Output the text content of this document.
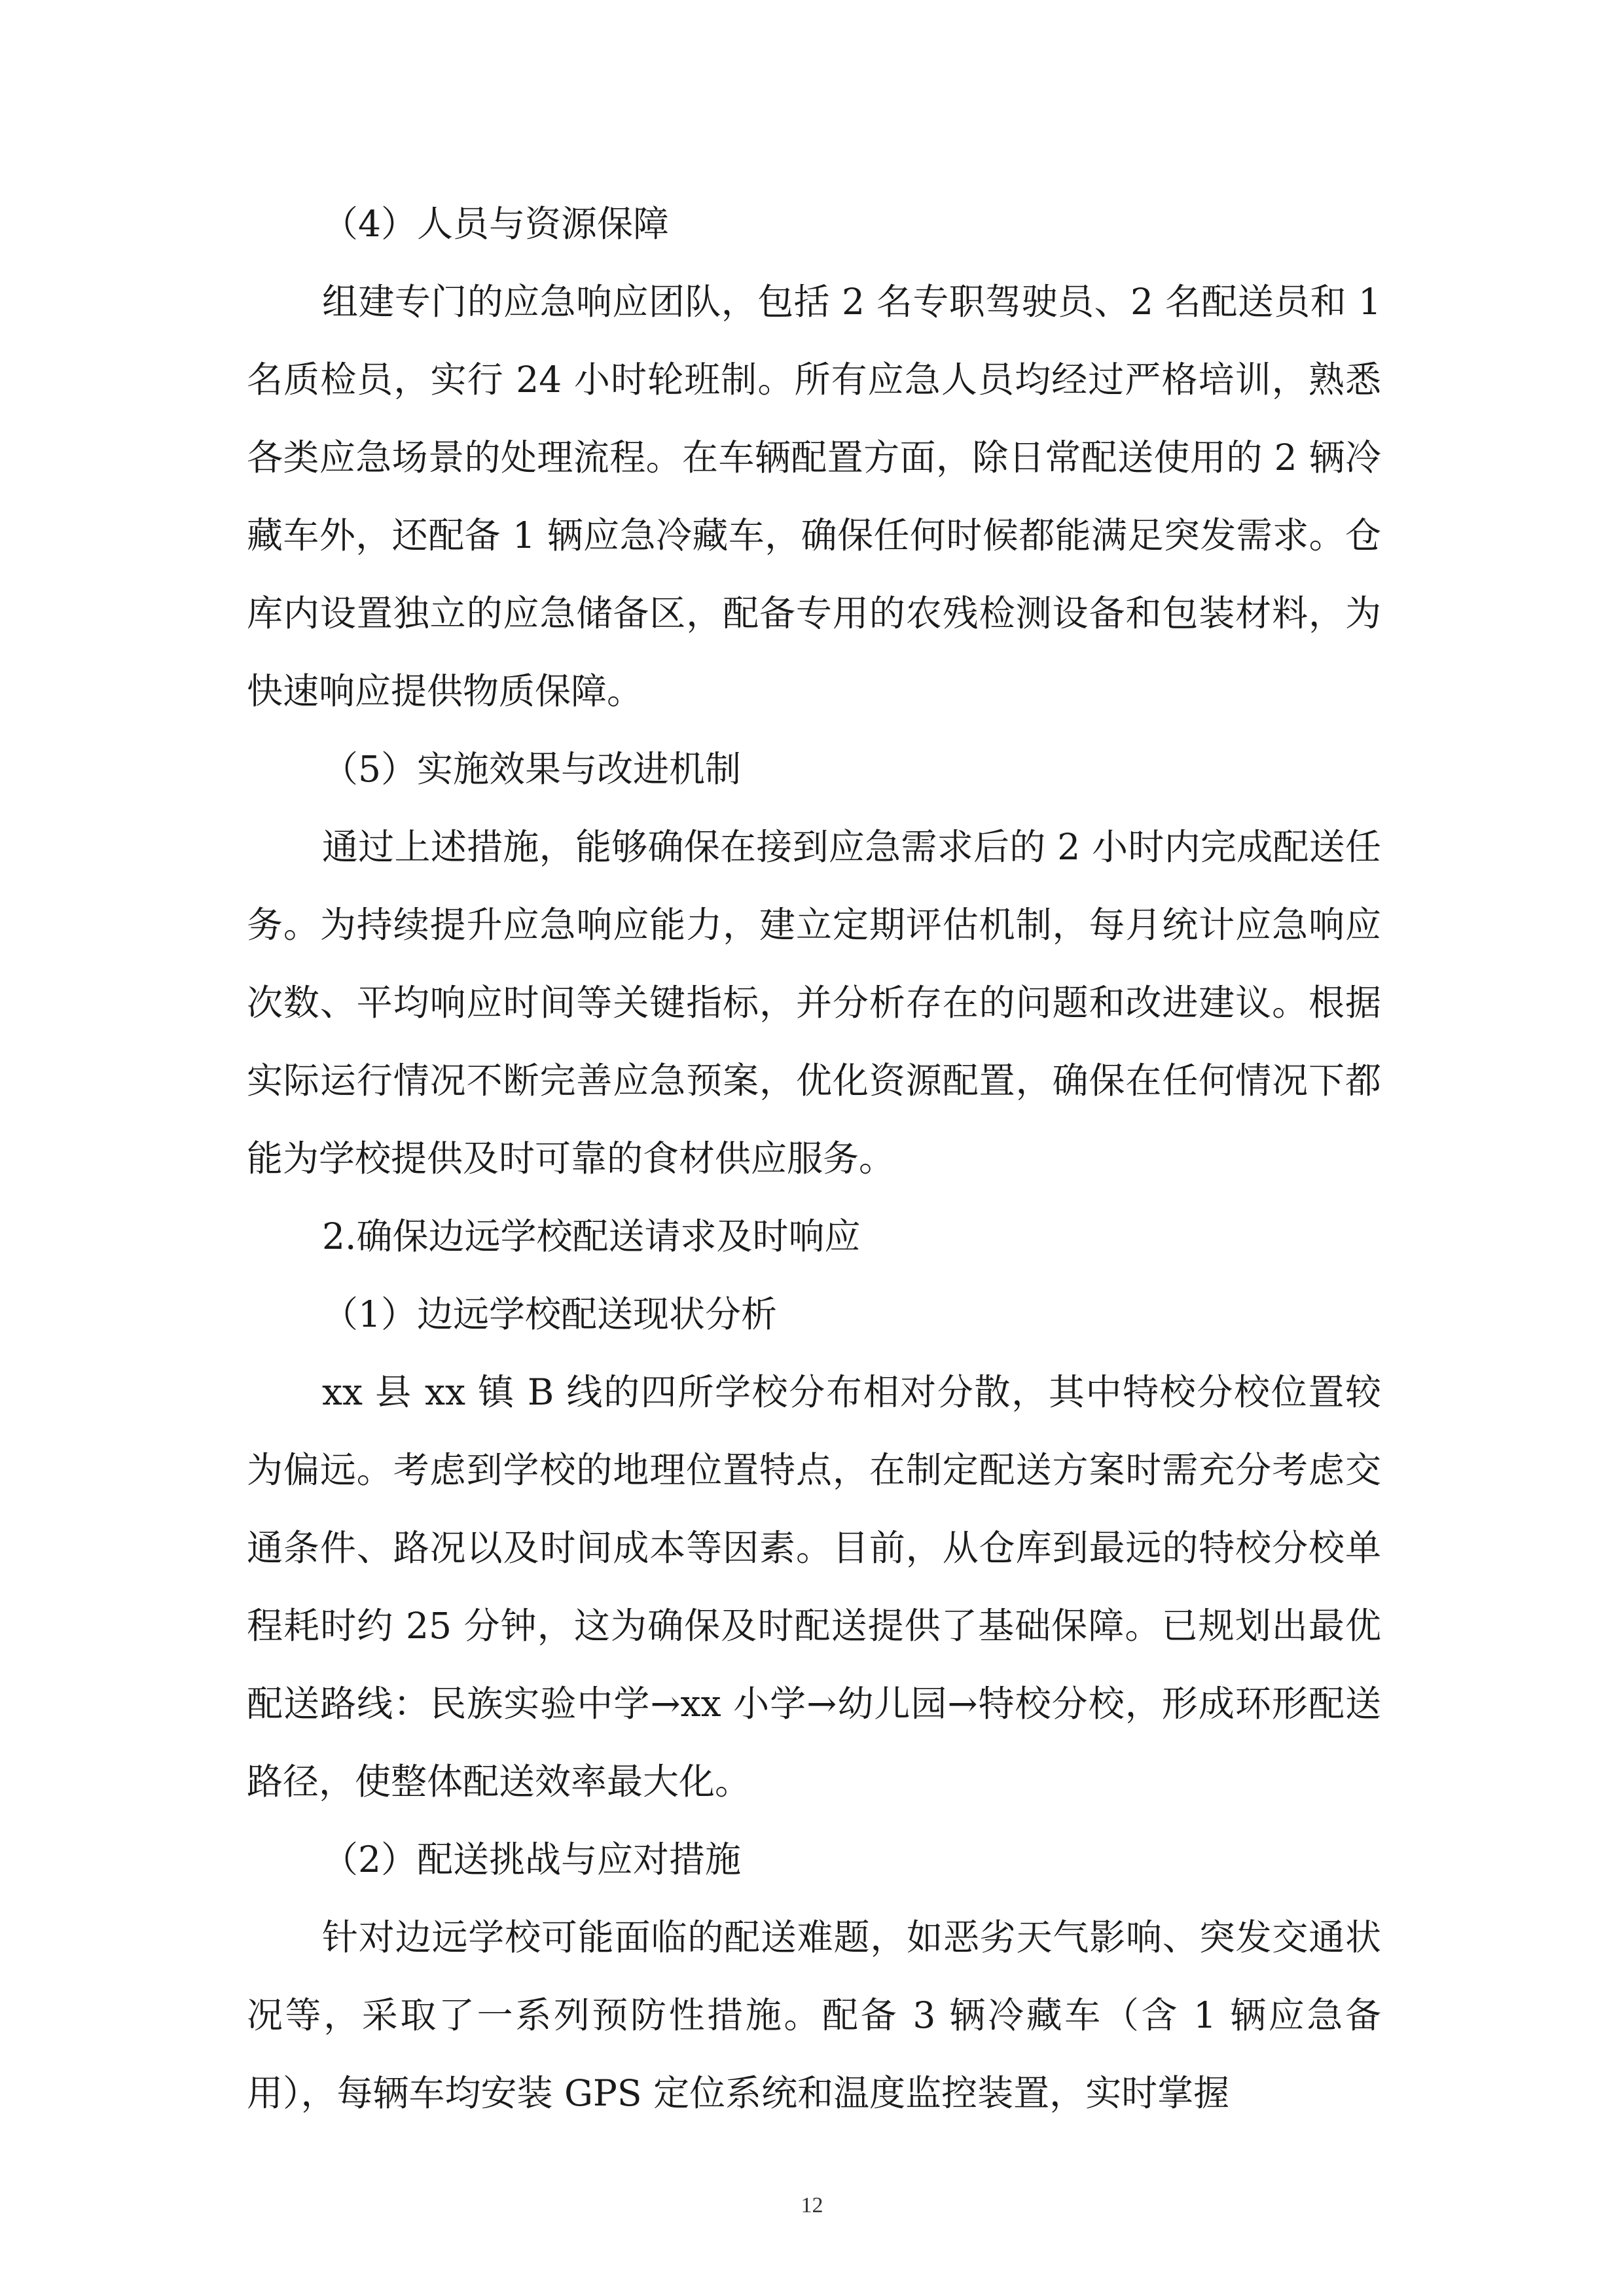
（4）人员与资源保障

组建专门的应急响应团队，包括 2 名专职驾驶员、2 名配送员和 1 名质检员，实行 24 小时轮班制。所有应急人员均经过严格培训，熟悉各类应急场景的处理流程。在车辆配置方面，除日常配送使用的 2 辆冷藏车外，还配备 1 辆应急冷藏车，确保任何时候都能满足突发需求。仓库内设置独立的应急储备区，配备专用的农残检测设备和包装材料，为快速响应提供物质保障。

（5）实施效果与改进机制

通过上述措施，能够确保在接到应急需求后的 2 小时内完成配送任务。为持续提升应急响应能力，建立定期评估机制，每月统计应急响应次数、平均响应时间等关键指标，并分析存在的问题和改进建议。根据实际运行情况不断完善应急预案，优化资源配置，确保在任何情况下都能为学校提供及时可靠的食材供应服务。

2.确保边远学校配送请求及时响应

（1）边远学校配送现状分析

xx 县 xx 镇 B 线的四所学校分布相对分散，其中特校分校位置较为偏远。考虑到学校的地理位置特点，在制定配送方案时需充分考虑交通条件、路况以及时间成本等因素。目前，从仓库到最远的特校分校单程耗时约 25 分钟，这为确保及时配送提供了基础保障。已规划出最优配送路线：民族实验中学→xx 小学→幼儿园→特校分校，形成环形配送路径，使整体配送效率最大化。

（2）配送挑战与应对措施

针对边远学校可能面临的配送难题，如恶劣天气影响、突发交通状况等，采取了一系列预防性措施。配备 3 辆冷藏车（含 1 辆应急备用），每辆车均安装 GPS 定位系统和温度监控装置，实时掌握

12
